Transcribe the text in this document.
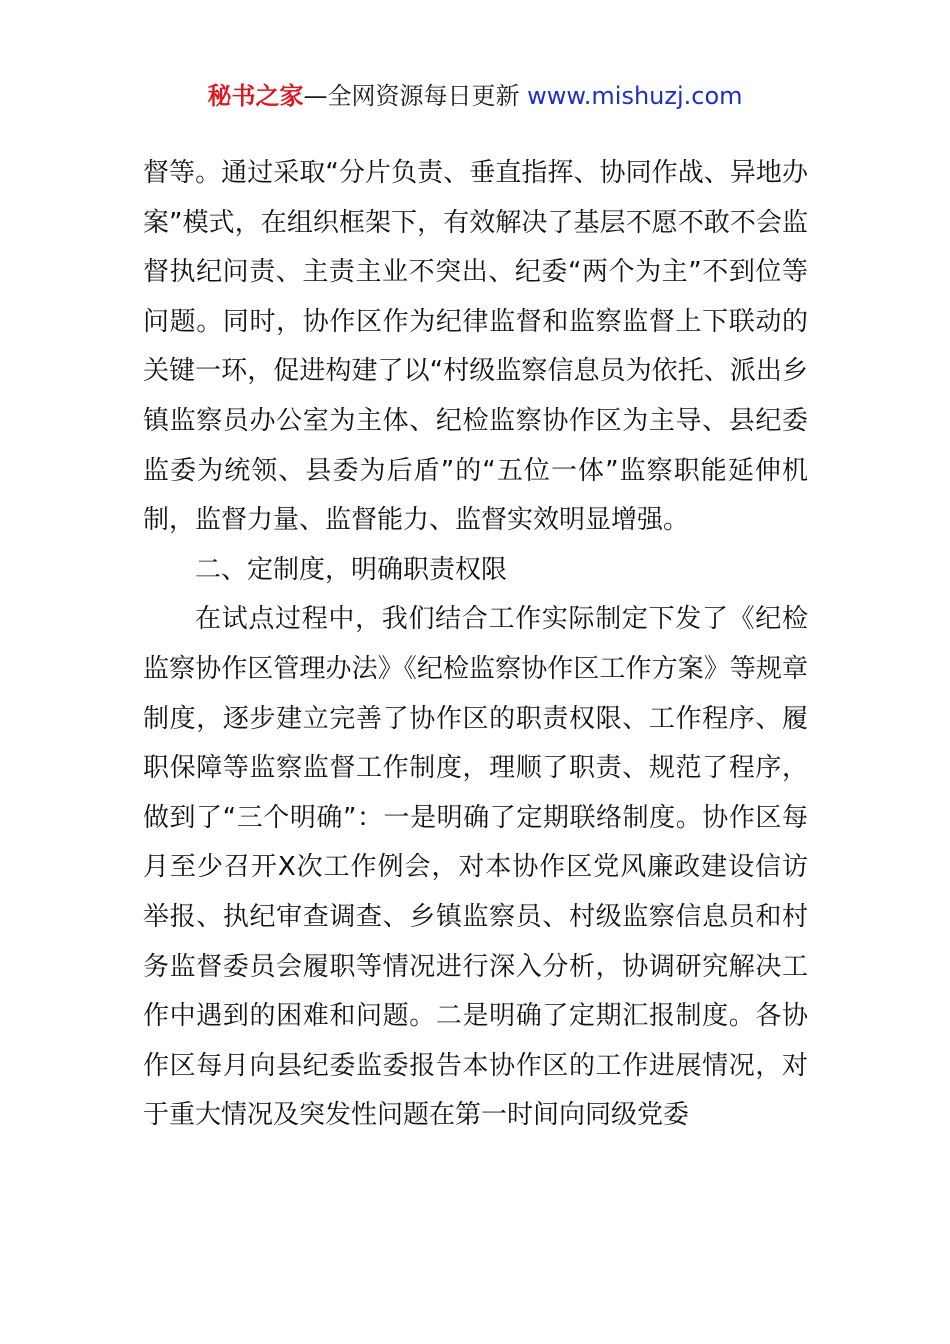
秘书之家—全网资源每日更新 www.mishuzj.com

督等。通过采取“分片负责、垂直指挥、协同作战、异地办案”模式，在组织框架下，有效解决了基层不愿不敢不会监督执纪问责、主责主业不突出、纪委“两个为主”不到位等问题。同时，协作区作为纪律监督和监察监督上下联动的关键一环，促进构建了以“村级监察信息员为依托、派出乡镇监察员办公室为主体、纪检监察协作区为主导、县纪委监委为统领、县委为后盾”的“五位一体”监察职能延伸机制，监督力量、监督能力、监督实效明显增强。

二、定制度，明确职责权限

在试点过程中，我们结合工作实际制定下发了《纪检监察协作区管理办法》《纪检监察协作区工作方案》等规章制度，逐步建立完善了协作区的职责权限、工作程序、履职保障等监察监督工作制度，理顺了职责、规范了程序，做到了“三个明确”：一是明确了定期联络制度。协作区每月至少召开X次工作例会，对本协作区党风廉政建设信访举报、执纪审查调查、乡镇监察员、村级监察信息员和村务监督委员会履职等情况进行深入分析，协调研究解决工作中遇到的困难和问题。二是明确了定期汇报制度。各协作区每月向县纪委监委报告本协作区的工作进展情况，对于重大情况及突发性问题在第一时间向同级党委
